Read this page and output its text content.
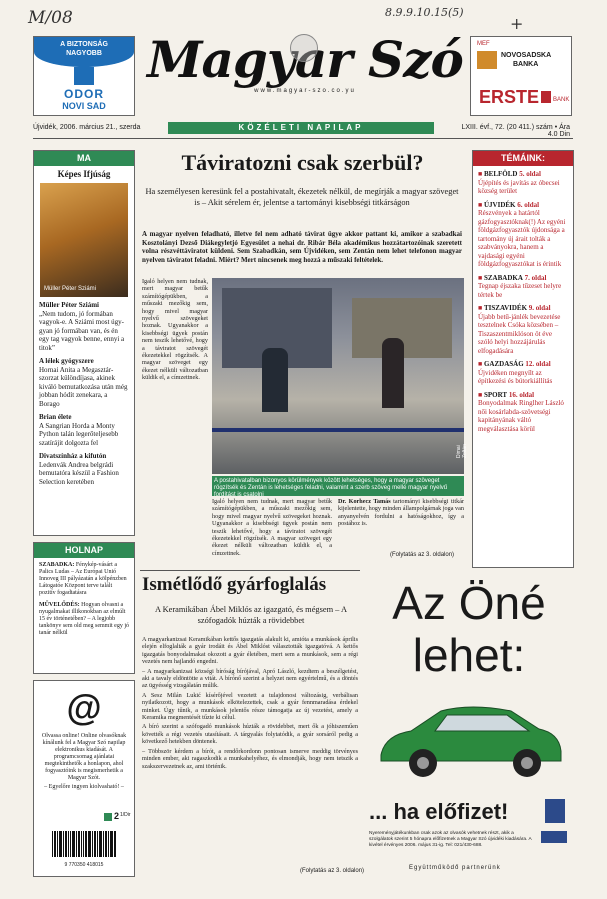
M/08	8.9.9.10.15(5)
+
A BIZTONSÁG
NAGYOBB
ODOR
NOVI SAD
Magyar Szó
www.magyar-szo.co.yu
MEF
NOVOSADSKA
BANKA
ERSTE BANK
Újvidék, 2006. március 21., szerda	KÖZÉLETI NAPILAP	LXIII. évf., 72. (20 411.) szám • Ára 4.0 Din
MA
Képes Ifjúság
Müller Péter Sziámi
Müller Péter Sziámi
„Nem tudom, jó formában vagyok-e. A Sziámi most úgy-gyan jó formában van, és én egy tag vagyok benne, ennyi a titok”
A lélek gyógyszere
Hornai Anita a Megasztár-szorzat különdíjasa, akinek kiváló bemutatkozása után még jobban hódít zenekara, a Borago
Brian élete
A Sangrian Horda a Monty Python talán legerőteljesebb szatírájit dolgozta fel
Divatszínház a kifutón
Ledenvák Andrea belgrádi bemutatóra készül a Fashion Selection keretében
HOLNAP
SZABADKA: Fénykép-vásárt a Palics Ludas – Az Európai Unió Innoveg III pályázatán a kölpénzben Látogatóe Központ terve talált pozitív fogadtatásra
MŰVELŐDÉS: Hogyan olvasni a nyugalmakat illikonokban az elmúlt 15 év történetében? – A legjobb tankönyv sem old meg semmit egy jó tanár nélkül
@
Olvassa online! Online olvasóknak kínálunk fel a Magyar Szó napilap elektronikus kiadását. A programcsomag ajánlatai megtekinthetők a honlapon, ahol fogyasztóink is megismerhetik a Magyar Szót.
– Egyelőre ingyen kiolvasható! –
2 1/Dir
9 770350 418015
Táviratozni csak szerbül?
Ha személyesen keresünk fel a postahivatalt, ékezetek nélkül, de megírják a magyar szöveget is – Akit sérelem ér, jelentse a tartományi kisebbségi titkárságon
A magyar nyelven feladható, illetve fel nem adható távirat ügye akkor pattant ki, amikor a szabadkai Kosztolányi Dezső Diákegyletjó Egyesület a nehai dr. Ribár Béla akadémikus hozzátartozóinak szeretett volna részvéttáviratot küldeni. Sem Szabadkán, sem Újvidéken, sem Zentán nem lehet telefonon magyar nyelven táviratot feladni. Miért? Mert nincsenek meg hozzá a műszaki feltételek.
Igaló helyen nem tudnak, mert magyar betűk számítógépükben, a műszaki mezőkig sem, hogy mivel magyar nyelvű szövegeket hoznak. Ugyanakkor a kisebbségi ügyek postán nem teszik lehetővé, hogy a táviratot szövegét ékezetekkel rögzítsék. A magyar szöveget egy ékezet nélküli változatban küldik el, a címzettnek.
Dimai Zoltán
A postahivatalban bizonyos körülmények között lehetséges, hogy a magyar szöveget rögzítsék és Zentán is lehetséges feladni, valamint a szerb szöveg mellé magyar nyelvű fordítást is csatolni
Igaló helyen nem tudnak, mert magyar betűk számítógépükben, a műszaki mezőkig sem, hogy mivel magyar nyelvű szövegeket hoznak. Ugyanakkor a kisebbségi ügyek postán nem teszik lehetővé, hogy a táviratot szövegét ékezetekkel rögzítsék. A magyar szöveget egy ékezet nélküli változatban küldik el, a címzettnek.
Dr. Korhecz Tamás tartományi kisebbségi titkár kijelentette, hogy minden állampolgárnak joga van anyanyelvén fordulni a hatóságokhoz, így a postához is.
(Folytatás az 3. oldalon)
TÉMÁINK:
■ BELFÖLD 5. oldal
Újépítés és javítás az óbecsei község terület
■ ÚJVIDÉK 6. oldal
Részvények a határtól gázfogyasztóknak(!) Az egyéni földgázfogyasztók újdonsága a tartomány új árait tolták a szabványokra, hanem a vajdasági egyéni földgázfogyasztókat is érintik
■ SZABADKA 7. oldal
Tegnap éjszaka tűzeset helyre tértek be
■ TISZAVIDÉK 9. oldal
Újabb betű-jánlék bevezetése tesztelnek Csóka közsében – Tiszaszentmiklóson öt éve szóló helyi hozzájárulás elfogadására
■ GAZDASÁG 12. oldal
Újvidéken megnyílt az építkezési és bútorkiállítás
■ SPORT 16. oldal
Bonyodalmak Ringlher László női kosárlabda-szövetségi kapitányának váltó megválasztása körül
Ismétlődő gyárfoglalás
A Keramikában Ábel Miklós az igazgató, és mégsem – A szófogadók húzták a rövidebbet

A magyarkanizsai Keramikában kettős igazgatás alakult ki, amióta a munkások április elején elfoglalták a gyár irodáit és Ábel Miklóst választották igazgatóvá. A kettős igazgatás bonyodalmakat okozott a gyár életében, mert sem a munkások, sem a régi vezetés nem hajlandó engedni.

– A magyarkanizsai községi bíróság bírójával, Apró László, kezdtem a beszélgetést, aki a tavaly eldöntötte a vitát. A bírónő szerint a helyzet nem egyértelmű, és a döntés az ügyésség vizsgálatán múlik.

A Sesz Milán Lukić kísérőjével vezetett a tulajdonosi változásig, verbálisan nyilatkozott, hogy a munkások elkötelezettek, csak a gyár fennmaradása érdekel minket. Úgy tűnik, a munkások jelentős része támogatja az új vezetést, amely a Keramika megmentését tűzte ki célul.

A bíró szerint a szófogadó munkások húzták a rövidebbet, mert ők a jóhiszeműen követték a régi vezetés utasításait. A tárgyalás folytatódik, a gyár sorsáról pedig a következő hetekben döntenek.

– Többször kérdem a bírót, a rendőrkordonn pontosan ismerve meddig törvényes minden ember, aki ragaszkodik a munkahelyéhez, és elmondják, hogy nem tetszik a szakszervezetnek az, ami történik.

(Folytatás az 3. oldalon)
Az Öné
lehet:
... ha előfizet!
Nyereményjátékunkban csak azok az olvasók vehetnek részt, akik a szolgálatok szerint 5 hónapra előfizetnek a Magyar Szó újvidéki kiadására. A kivétel érvényes 2006. május 31-ig. Tel: 021/430-688.
Együttműködő partnerünk
